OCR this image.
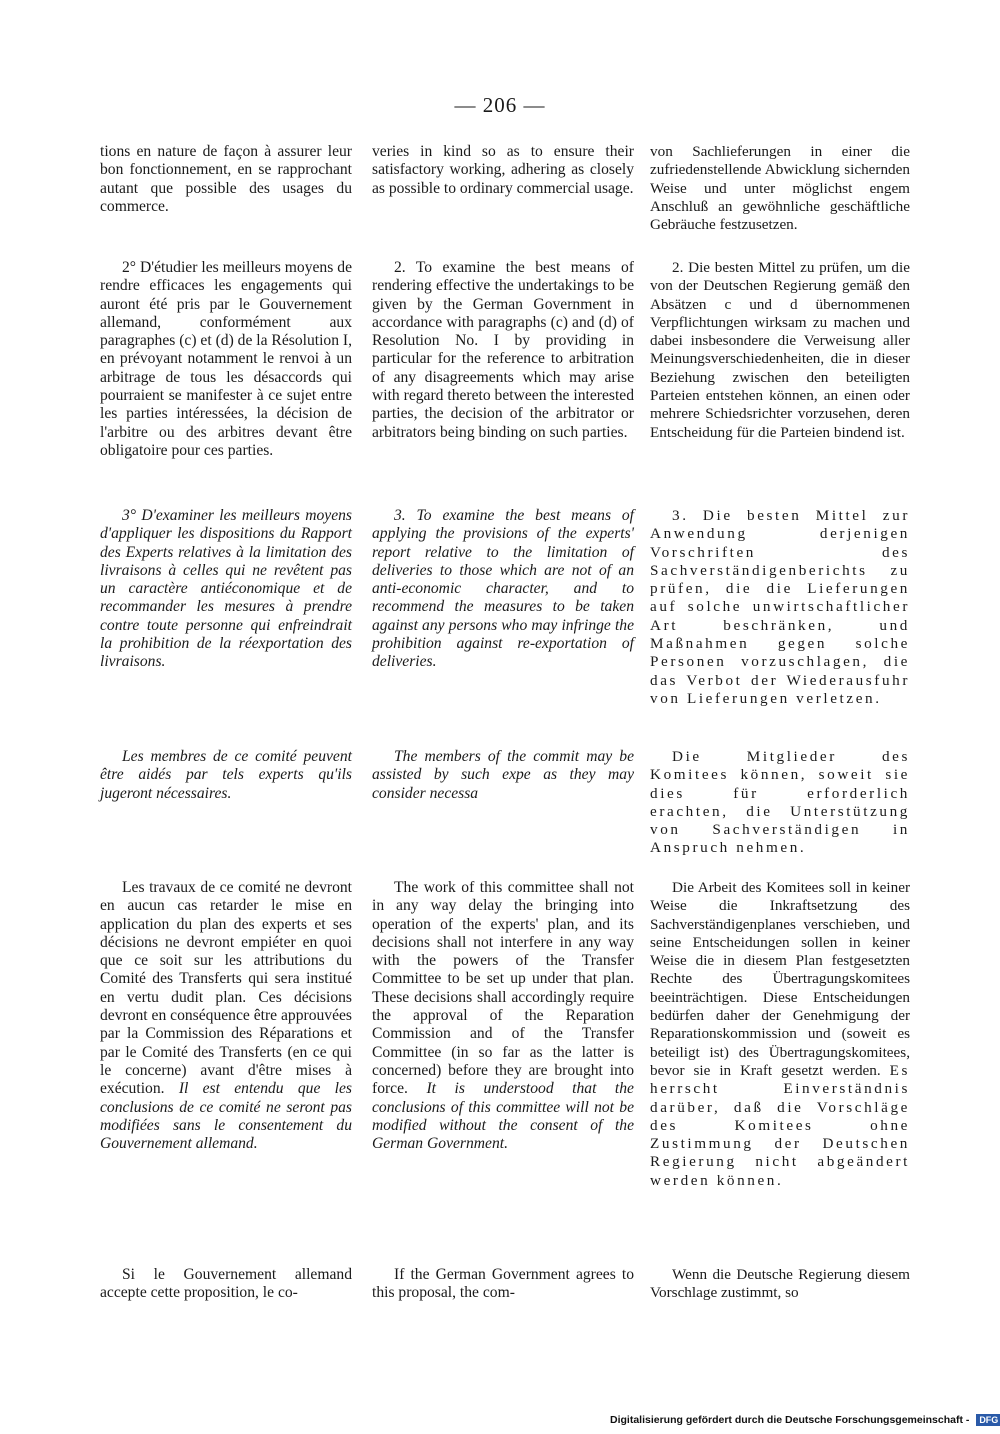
— 206 —

tions en nature de façon à assurer leur bon fonctionnement, en se rapprochant autant que possible des usages du commerce.

2° D'étudier les meilleurs moyens de rendre efficaces les engagements qui auront été pris par le Gouvernement allemand, conformément aux paragraphes (c) et (d) de la Résolution I, en prévoyant notamment le renvoi à un arbitrage de tous les désaccords qui pourraient se manifester à ce sujet entre les parties intéressées, la décision de l'arbitre ou des arbitres devant être obligatoire pour ces parties.

3° D'examiner les meilleurs moyens d'appliquer les dispositions du Rapport des Experts relatives à la limitation des livraisons à celles qui ne revêtent pas un caractère antiéconomique et de recommander les mesures à prendre contre toute personne qui enfreindrait la prohibition de la réexportation des livraisons.

Les membres de ce comité peuvent être aidés par tels experts qu'ils jugeront nécessaires.

Les travaux de ce comité ne devront en aucun cas retarder le mise en application du plan des experts et ses décisions ne devront empiéter en quoi que ce soit sur les attributions du Comité des Transferts qui sera institué en vertu dudit plan. Ces décisions devront en conséquence être approuvées par la Commission des Réparations et par le Comité des Transferts (en ce qui le concerne) avant d'être mises à exécution. Il est entendu que les conclusions de ce comité ne seront pas modifiées sans le consentement du Gouvernement allemand.

Si le Gouvernement allemand accepte cette proposition, le co-

veries in kind so as to ensure their satisfactory working, adhering as closely as possible to ordinary commercial usage.

2. To examine the best means of rendering effective the undertakings to be given by the German Government in accordance with paragraphs (c) and (d) of Resolution No. I by providing in particular for the reference to arbitration of any disagreements which may arise with regard thereto between the interested parties, the decision of the arbitrator or arbitrators being binding on such parties.

3. To examine the best means of applying the provisions of the experts' report relative to the limitation of deliveries to those which are not of an anti-economic character, and to recommend the measures to be taken against any persons who may infringe the prohibition against re-exportation of deliveries.

The members of the commit may be assisted by such expe as they may consider necessa

The work of this committee shall not in any way delay the bringing into operation of the experts' plan, and its decisions shall not interfere in any way with the powers of the Transfer Committee to be set up under that plan. These decisions shall accordingly require the approval of the Reparation Commission and of the Transfer Committee (in so far as the latter is concerned) before they are brought into force. It is understood that the conclusions of this committee will not be modified without the consent of the German Government.

If the German Government agrees to this proposal, the com-

von Sachlieferungen in einer die zufriedenstellende Abwicklung sichernden Weise und unter möglichst engem Anschluß an gewöhnliche geschäftliche Gebräuche festzusetzen.

2. Die besten Mittel zu prüfen, um die von der Deutschen Regierung gemäß den Absätzen c und d übernommenen Verpflichtungen wirksam zu machen und dabei insbesondere die Verweisung aller Meinungsverschiedenheiten, die in dieser Beziehung zwischen den beteiligten Parteien entstehen können, an einen oder mehrere Schiedsrichter vorzusehen, deren Entscheidung für die Parteien bindend ist.

3. Die besten Mittel zur Anwendung derjenigen Vorschriften des Sachverständigenberichts zu prüfen, die die Lieferungen auf solche unwirtschaftlicher Art beschränken, und Maßnahmen gegen solche Personen vorzuschlagen, die das Verbot der Wiederausfuhr von Lieferungen verletzen.

Die Mitglieder des Komitees können, soweit sie dies für erforderlich erachten, die Unterstützung von Sachverständigen in Anspruch nehmen.

Die Arbeit des Komitees soll in keiner Weise die Inkraftsetzung des Sachverständigenplanes verschieben, und seine Entscheidungen sollen in keiner Weise die in diesem Plan festgesetzten Rechte des Übertragungskomitees beeinträchtigen. Diese Entscheidungen bedürfen daher der Genehmigung der Reparationskommission und (soweit es beteiligt ist) des Übertragungskomitees, bevor sie in Kraft gesetzt werden. Es herrscht Einverständnis darüber, daß die Vorschläge des Komitees ohne Zustimmung der Deutschen Regierung nicht abgeändert werden können.

Wenn die Deutsche Regierung diesem Vorschlage zustimmt, so

Digitalisierung gefördert durch die Deutsche Forschungsgemeinschaft - DFG
